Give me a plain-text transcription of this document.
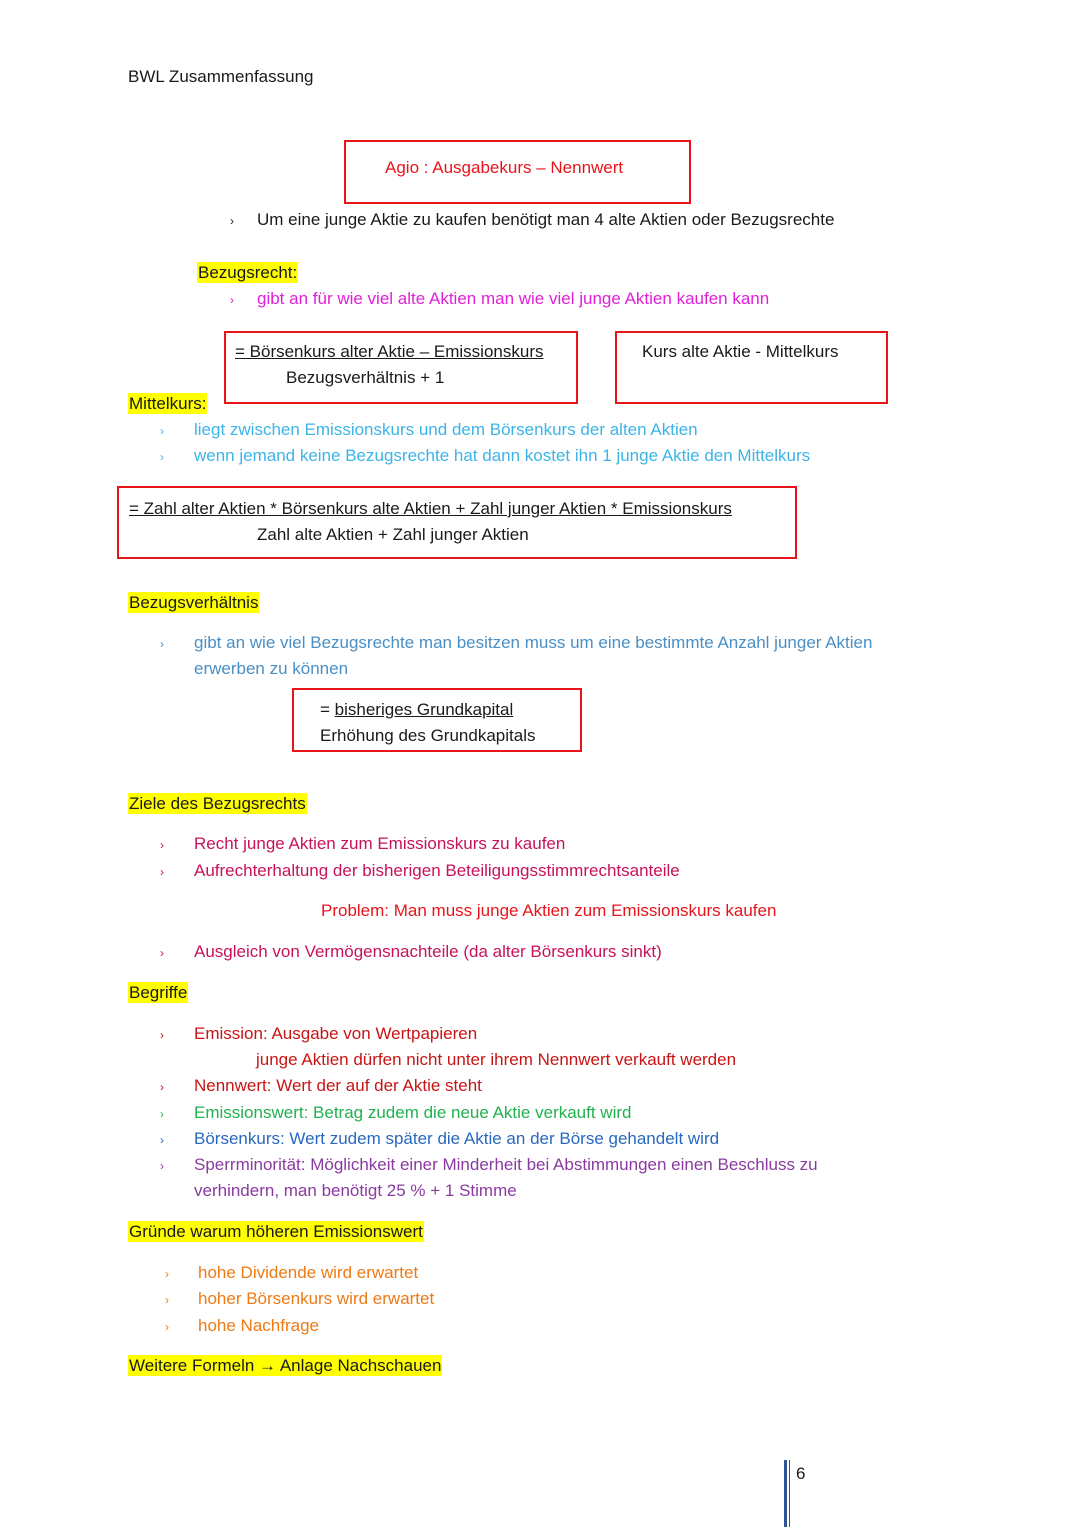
BWL Zusammenfassung
Agio : Ausgabekurs – Nennwert
› Um eine junge Aktie zu kaufen benötigt man 4 alte Aktien oder Bezugsrechte
Bezugsrecht:
› gibt an für wie viel alte Aktien man wie viel junge Aktien kaufen kann
= Börsenkurs alter Aktie – Emissionskurs
Bezugsverhältnis + 1
Kurs alte Aktie - Mittelkurs
Mittelkurs:
› liegt zwischen Emissionskurs und dem Börsenkurs der alten Aktien
› wenn jemand keine Bezugsrechte hat dann kostet ihn 1 junge Aktie den Mittelkurs
= Zahl alter Aktien * Börsenkurs alte Aktien + Zahl junger Aktien * Emissionskurs
Zahl alte Aktien + Zahl junger Aktien
Bezugsverhältnis
› gibt an wie viel Bezugsrechte man besitzen muss um eine bestimmte Anzahl junger Aktien
erwerben zu können
= bisheriges Grundkapital
Erhöhung des Grundkapitals
Ziele des Bezugsrechts
› Recht junge Aktien zum Emissionskurs zu kaufen
› Aufrechterhaltung der bisherigen Beteiligungsstimmrechtsanteile
Problem: Man muss junge Aktien zum Emissionskurs kaufen
› Ausgleich von Vermögensnachteile (da alter Börsenkurs sinkt)
Begriffe
› Emission: Ausgabe von Wertpapieren
junge Aktien dürfen nicht unter ihrem Nennwert verkauft werden
› Nennwert: Wert der auf der Aktie steht
› Emissionswert: Betrag zudem die neue Aktie verkauft wird
› Börsenkurs: Wert zudem später die Aktie an der Börse gehandelt wird
› Sperrminorität: Möglichkeit einer Minderheit bei Abstimmungen einen Beschluss zu
verhindern, man benötigt 25 % + 1 Stimme
Gründe warum höheren Emissionswert
› hohe Dividende wird erwartet
› hoher Börsenkurs wird erwartet
› hohe Nachfrage
Weitere Formeln → Anlage Nachschauen
6
